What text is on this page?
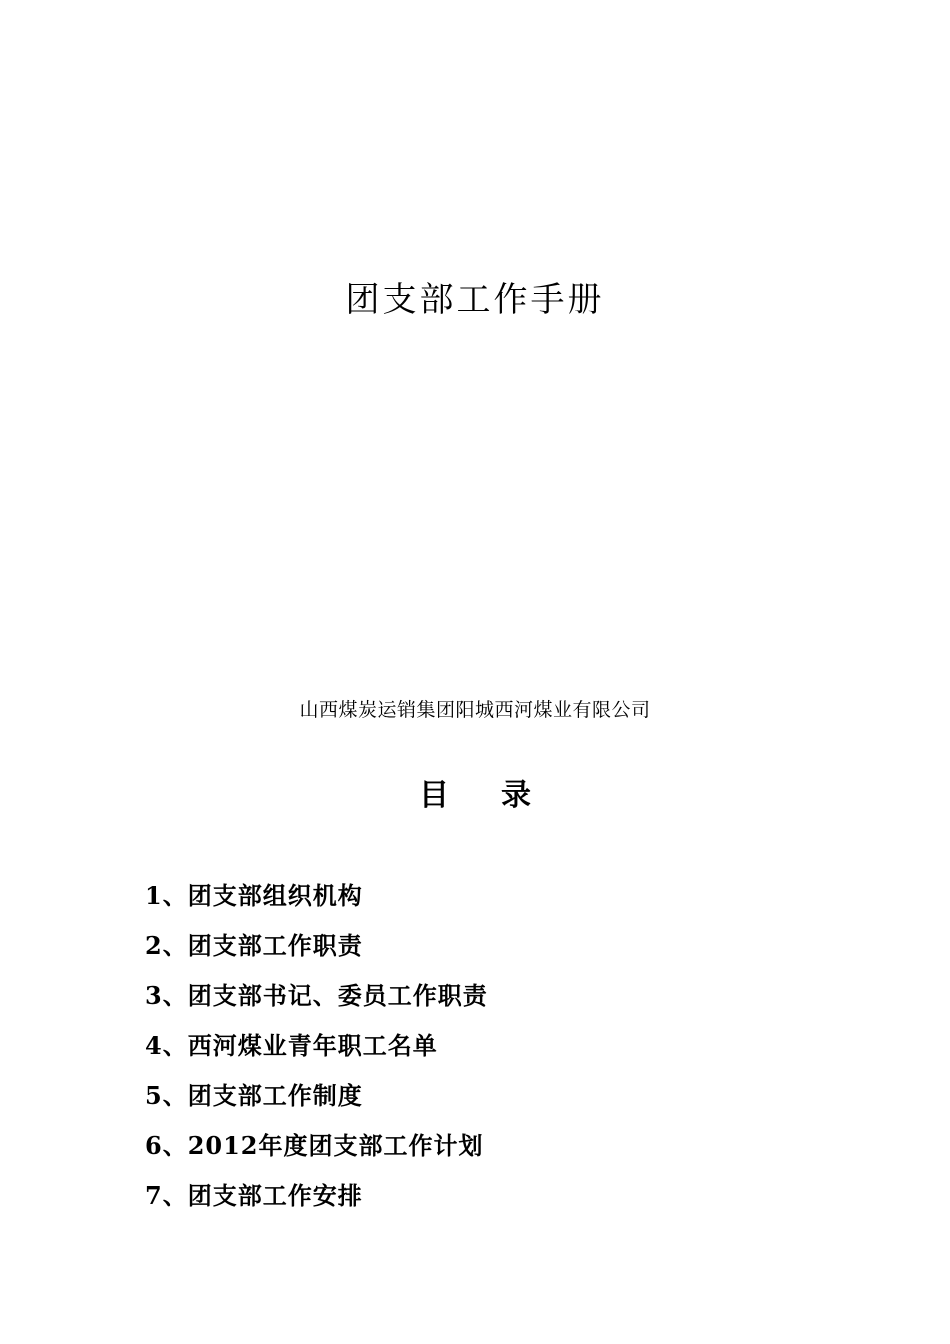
团支部工作手册
山西煤炭运销集团阳城西河煤业有限公司
目 录
1、团支部组织机构
2、团支部工作职责
3、团支部书记、委员工作职责
4、西河煤业青年职工名单
5、团支部工作制度
6、2012年度团支部工作计划
7、团支部工作安排
